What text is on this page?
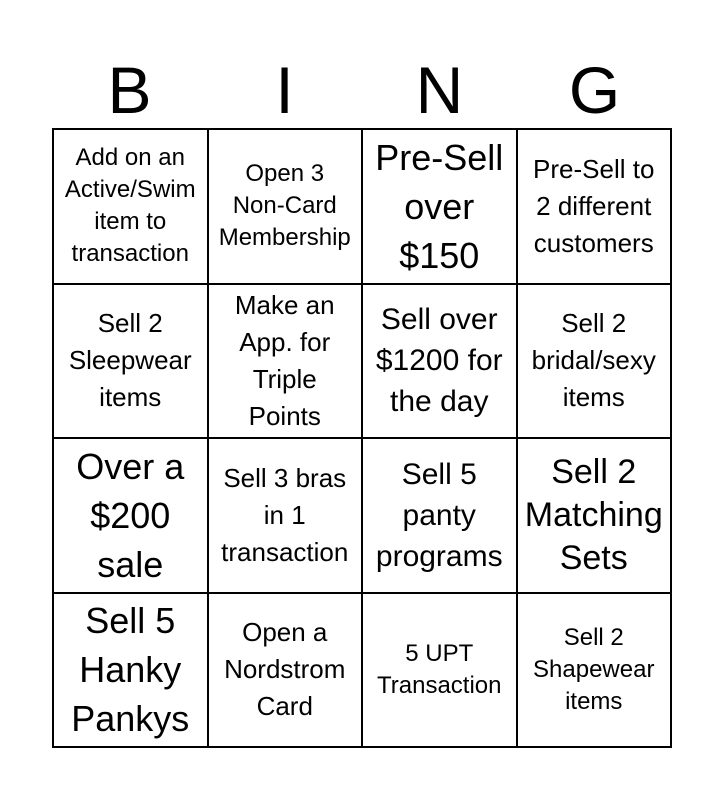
B	I	N	G
Add on an
Active/Swim
item to
transaction
Open 3
Non-Card
Membership
Pre-Sell
over
$150
Pre-Sell to
2 different
customers
Sell 2
Sleepwear
items
Make an
App. for
Triple
Points
Sell over
$1200 for
the day
Sell 2
bridal/sexy
items
Over a
$200
sale
Sell 3 bras
in 1
transaction
Sell 5
panty
programs
Sell 2
Matching
Sets
Sell 5
Hanky
Pankys
Open a
Nordstrom
Card
5 UPT
Transaction
Sell 2
Shapewear
items
